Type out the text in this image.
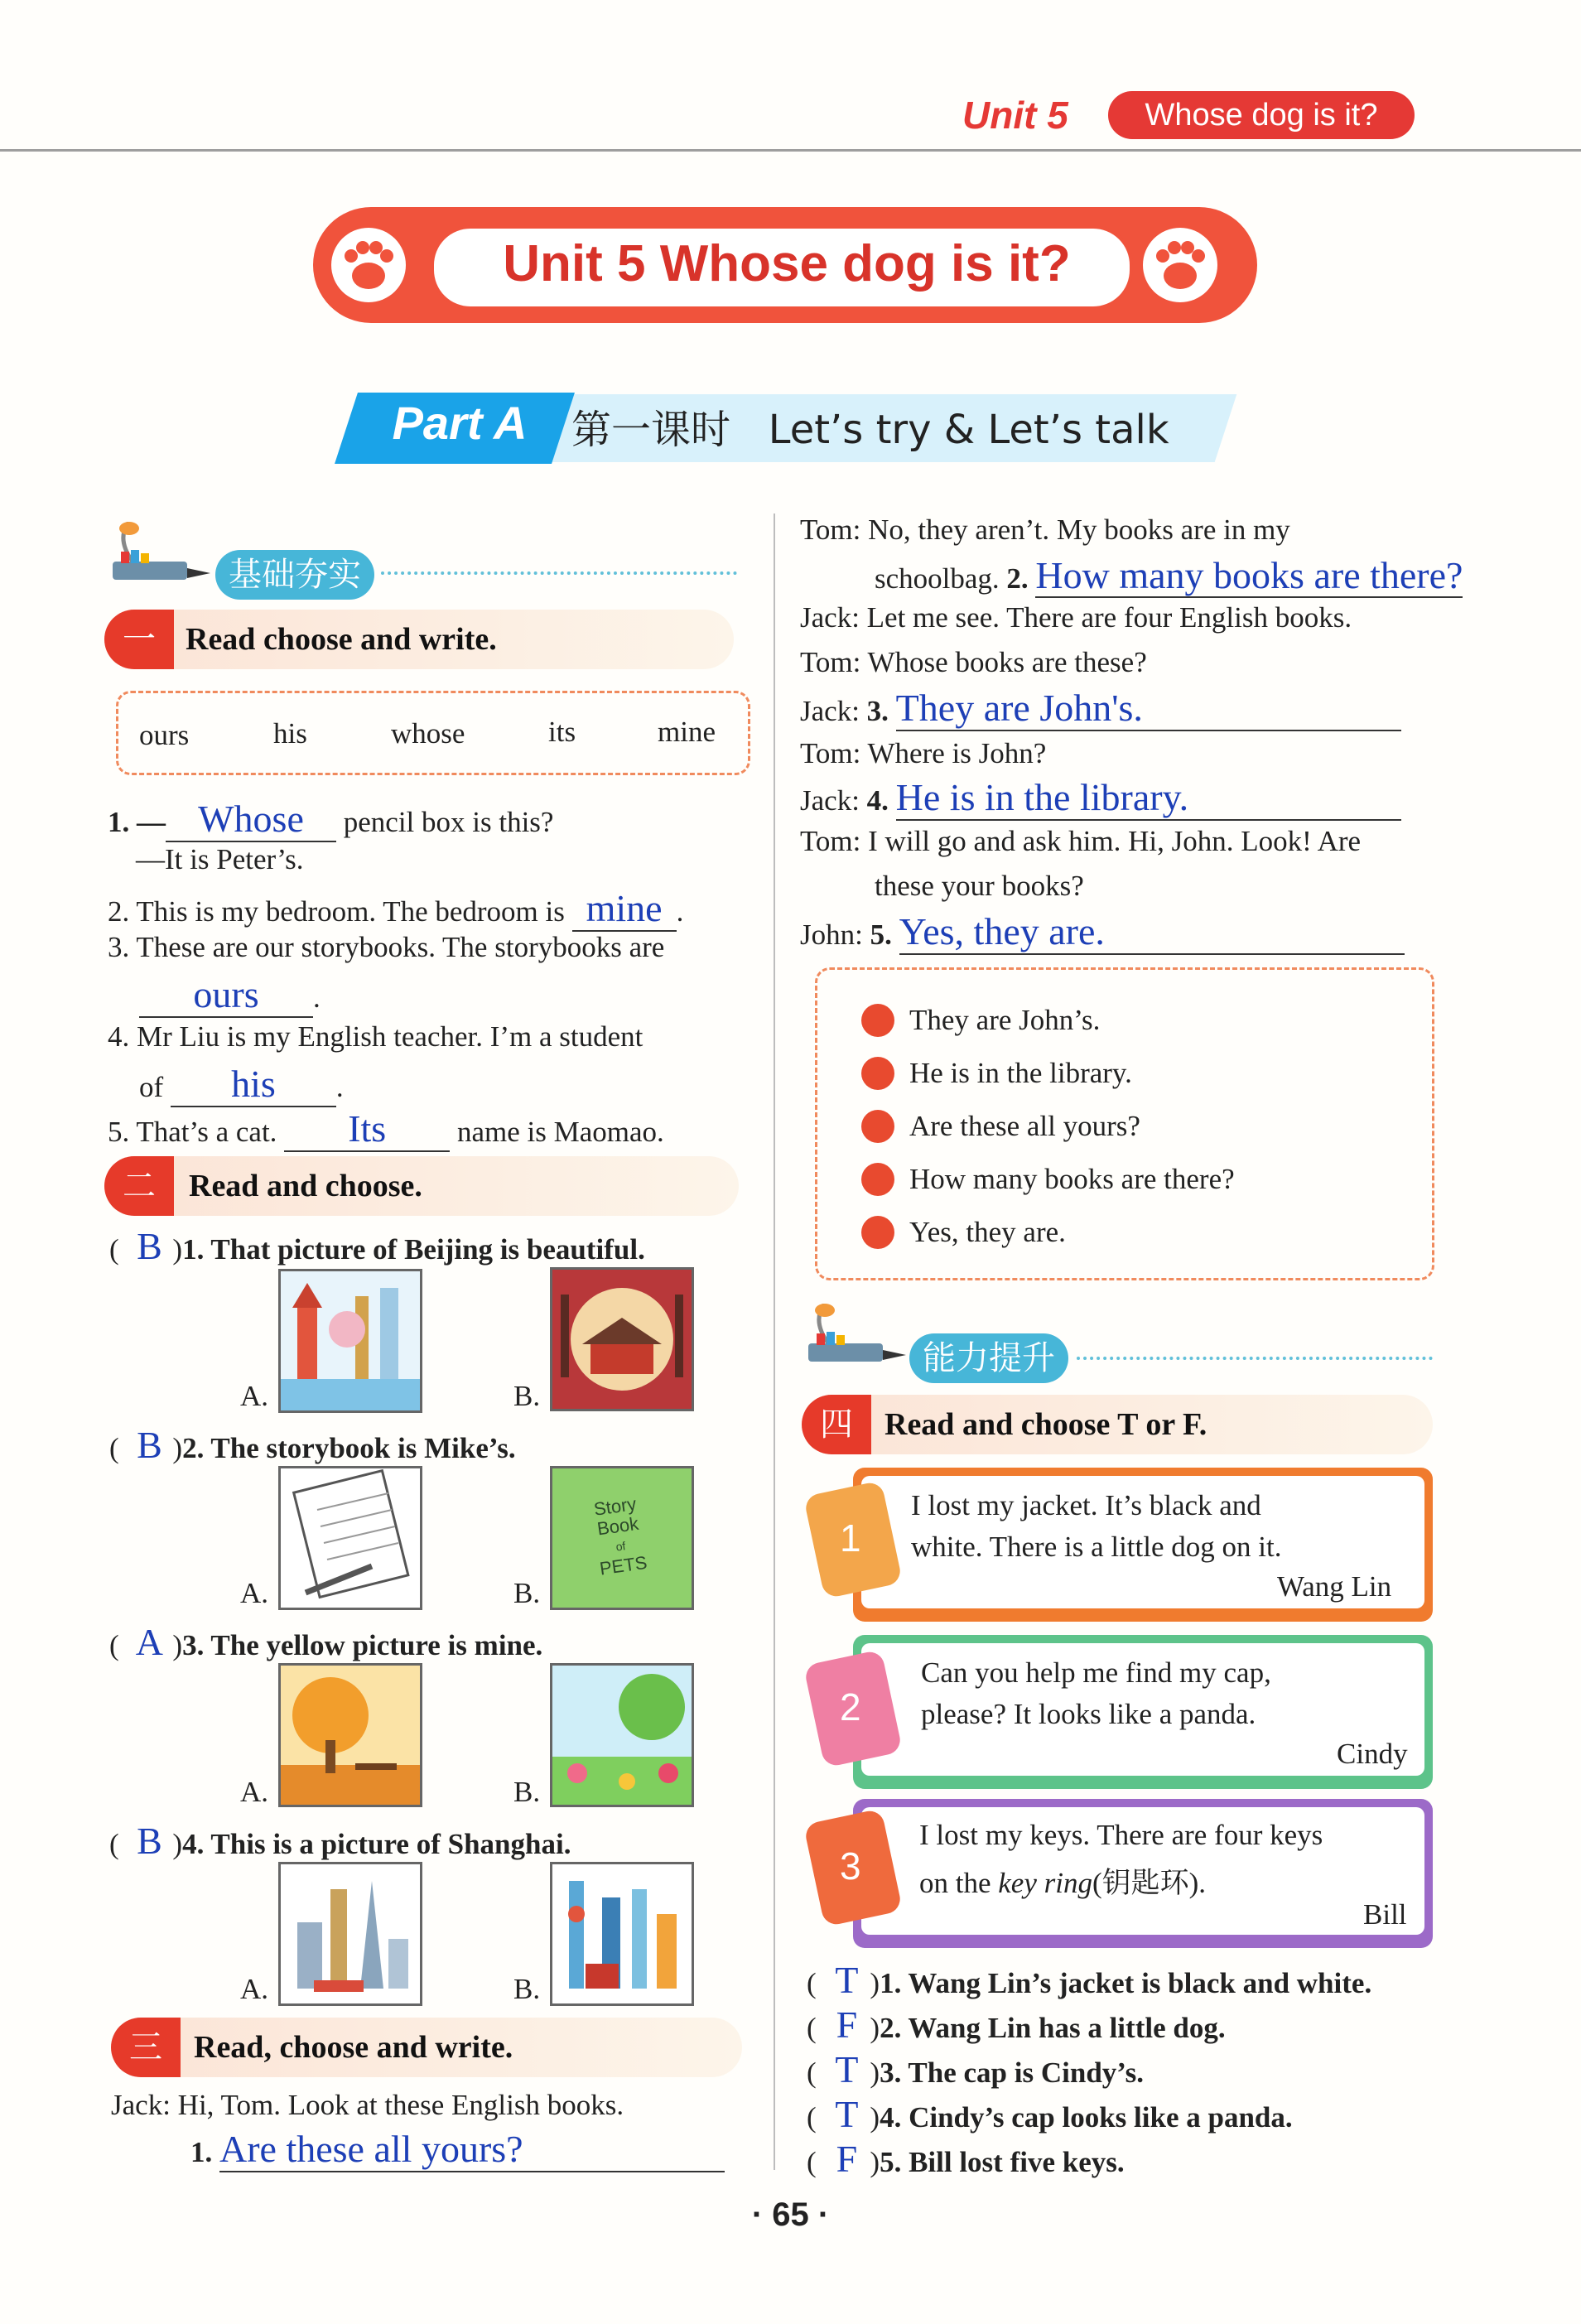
Unit 5	Whose dog is it?
Unit 5 Whose dog is it?
Part A	第一课时 Let’s try & Let’s talk
基础夯实
一 Read choose and write.
ours	his	whose	its	mine
1. — Whose pencil box is this?
—It is Peter’s.
2. This is my bedroom. The bedroom is mine .
3. These are our storybooks. The storybooks are
ours .
4. Mr Liu is my English teacher. I’m a student
of his .
5. That’s a cat. Its name is Maomao.
二	Read and choose.
( B )1. That picture of Beijing is beautiful.
A.	B.
( B )2. The storybook is Mike’s.
A.	B.
Story
Book
of
PETS
( A )3. The yellow picture is mine.
A.	B.
( B )4. This is a picture of Shanghai.
A.	B.
三	Read, choose and write.
Jack: Hi, Tom. Look at these English books.
1. Are these all yours?
Tom: No, they aren’t. My books are in my
schoolbag. 2. How many books are there?
Jack: Let me see. There are four English books.
Tom: Whose books are these?
Jack: 3. They are John's.
Tom: Where is John?
Jack: 4. He is in the library.
Tom: I will go and ask him. Hi, John. Look! Are
these your books?
John: 5. Yes, they are.
They are John’s.
He is in the library.
Are these all yours?
How many books are there?
Yes, they are.
能力提升
四	Read and choose T or F.
1
I lost my jacket. It’s black and
white. There is a little dog on it.
Wang Lin
2
Can you help me find my cap,
please? It looks like a panda.
Cindy
3
I lost my keys. There are four keys
on the key ring(钥匙环).
Bill
( T )1. Wang Lin’s jacket is black and white.
( F )2. Wang Lin has a little dog.
( T )3. The cap is Cindy’s.
( T )4. Cindy’s cap looks like a panda.
( F )5. Bill lost five keys.
· 65 ·
